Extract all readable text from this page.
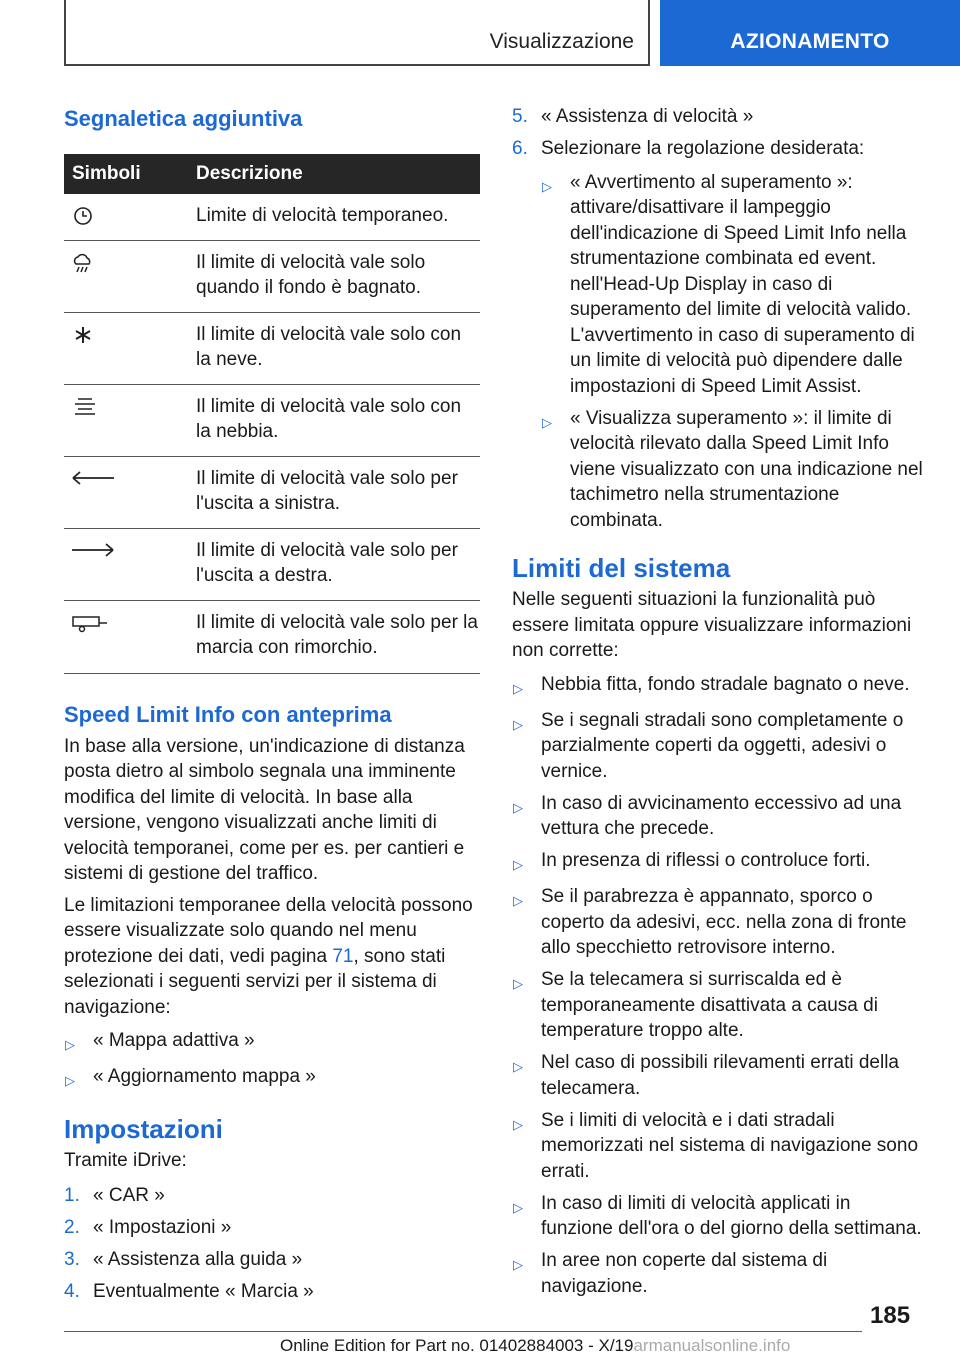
Visualizzazione	AZIONAMENTO
Segnaletica aggiuntiva
Simboli	Descrizione
Limite di velocità temporaneo.
Il limite di velocità vale solo quando il fondo è bagnato.
Il limite di velocità vale solo con la neve.
Il limite di velocità vale solo con la nebbia.
Il limite di velocità vale solo per l'uscita a sinistra.
Il limite di velocità vale solo per l'uscita a destra.
Il limite di velocità vale solo per la marcia con rimorchio.
Speed Limit Info con anteprima

In base alla versione, un'indicazione di distanza posta dietro al simbolo segnala una imminente modifica del limite di velocità. In base alla versione, vengono visualizzati anche limiti di velocità temporanei, come per es. per cantieri e sistemi di gestione del traffico.

Le limitazioni temporanee della velocità possono essere visualizzate solo quando nel menu protezione dei dati, vedi pagina 71, sono stati selezionati i seguenti servizi per il sistema di navigazione:

▷ « Mappa adattiva »
▷ « Aggiornamento mappa »
Impostazioni

Tramite iDrive:

1. « CAR »
2. « Impostazioni »
3. « Assistenza alla guida »
4. Eventualmente « Marcia »
5. « Assistenza di velocità »
6. Selezionare la regolazione desiderata:
▷ « Avvertimento al superamento »: attivare/disattivare il lampeggio dell'indicazione di Speed Limit Info nella strumentazione combinata ed event. nell'Head-Up Display in caso di superamento del limite di velocità valido. L'avvertimento in caso di superamento di un limite di velocità può dipendere dalle impostazioni di Speed Limit Assist.
▷ « Visualizza superamento »: il limite di velocità rilevato dalla Speed Limit Info viene visualizzato con una indicazione nel tachimetro nella strumentazione combinata.
Limiti del sistema

Nelle seguenti situazioni la funzionalità può essere limitata oppure visualizzare informazioni non corrette:

▷ Nebbia fitta, fondo stradale bagnato o neve.
▷ Se i segnali stradali sono completamente o parzialmente coperti da oggetti, adesivi o vernice.
▷ In caso di avvicinamento eccessivo ad una vettura che precede.
▷ In presenza di riflessi o controluce forti.
▷ Se il parabrezza è appannato, sporco o coperto da adesivi, ecc. nella zona di fronte allo specchietto retrovisore interno.
▷ Se la telecamera si surriscalda ed è temporaneamente disattivata a causa di temperature troppo alte.
▷ Nel caso di possibili rilevamenti errati della telecamera.
▷ Se i limiti di velocità e i dati stradali memorizzati nel sistema di navigazione sono errati.
▷ In caso di limiti di velocità applicati in funzione dell'ora o del giorno della settimana.
▷ In aree non coperte dal sistema di navigazione.
185
Online Edition for Part no. 01402884003 - X/19armanualsonline.info
